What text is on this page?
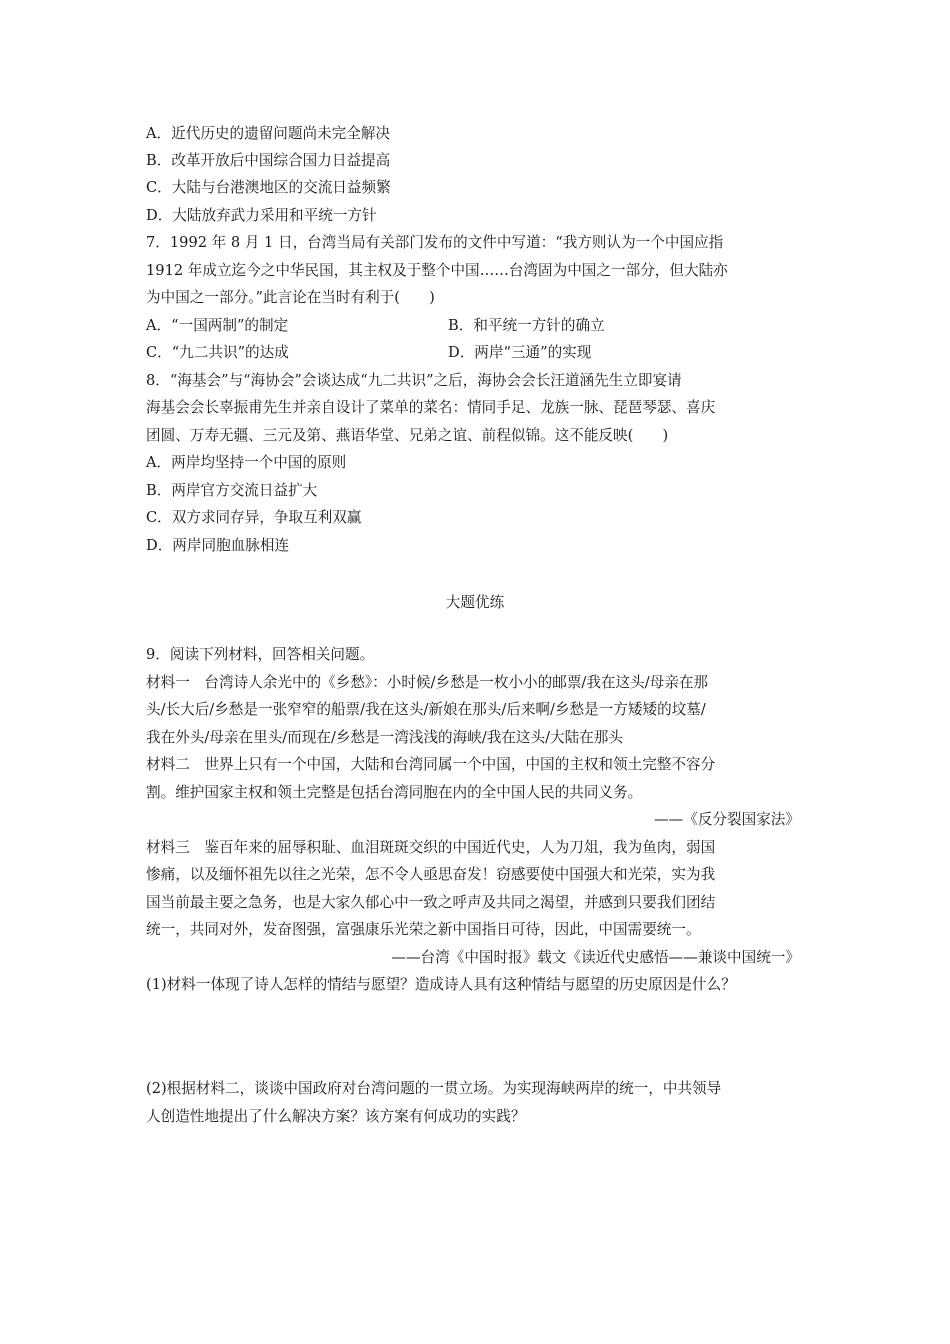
A．近代历史的遗留问题尚未完全解决
B．改革开放后中国综合国力日益提高
C．大陆与台港澳地区的交流日益频繁
D．大陆放弃武力采用和平统一方针
7．1992 年 8 月 1 日，台湾当局有关部门发布的文件中写道：“我方则认为一个中国应指
1912 年成立迄今之中华民国，其主权及于整个中国……台湾固为中国之一部分，但大陆亦
为中国之一部分。”此言论在当时有利于(　　)
A．“一国两制”的制定	B．和平统一方针的确立
C．“九二共识”的达成	D．两岸“三通”的实现
8．“海基会”与“海协会”会谈达成“九二共识”之后，海协会会长汪道涵先生立即宴请
海基会会长辜振甫先生并亲自设计了菜单的菜名：情同手足、龙族一脉、琵琶琴瑟、喜庆
团圆、万寿无疆、三元及第、燕语华堂、兄弟之谊、前程似锦。这不能反映(　　)
A．两岸均坚持一个中国的原则
B．两岸官方交流日益扩大
C．双方求同存异，争取互利双赢
D．两岸同胞血脉相连
大题优练
9．阅读下列材料，回答相关问题。
材料一　台湾诗人余光中的《乡愁》：小时候/乡愁是一枚小小的邮票/我在这头/母亲在那
头/长大后/乡愁是一张窄窄的船票/我在这头/新娘在那头/后来啊/乡愁是一方矮矮的坟墓/
我在外头/母亲在里头/而现在/乡愁是一湾浅浅的海峡/我在这头/大陆在那头
材料二　世界上只有一个中国，大陆和台湾同属一个中国，中国的主权和领土完整不容分
割。维护国家主权和领土完整是包括台湾同胞在内的全中国人民的共同义务。
——《反分裂国家法》
材料三　鉴百年来的屈辱积耻、血泪斑斑交织的中国近代史，人为刀俎，我为鱼肉，弱国
惨痛，以及缅怀祖先以往之光荣，怎不令人亟思奋发！窃感要使中国强大和光荣，实为我
国当前最主要之急务，也是大家久郁心中一致之呼声及共同之渴望，并感到只要我们团结
统一，共同对外，发奋图强，富强康乐光荣之新中国指日可待，因此，中国需要统一。
——台湾《中国时报》载文《读近代史感悟——兼谈中国统一》
(1)材料一体现了诗人怎样的情结与愿望？造成诗人具有这种情结与愿望的历史原因是什么？
(2)根据材料二，谈谈中国政府对台湾问题的一贯立场。为实现海峡两岸的统一，中共领导
人创造性地提出了什么解决方案？该方案有何成功的实践？
